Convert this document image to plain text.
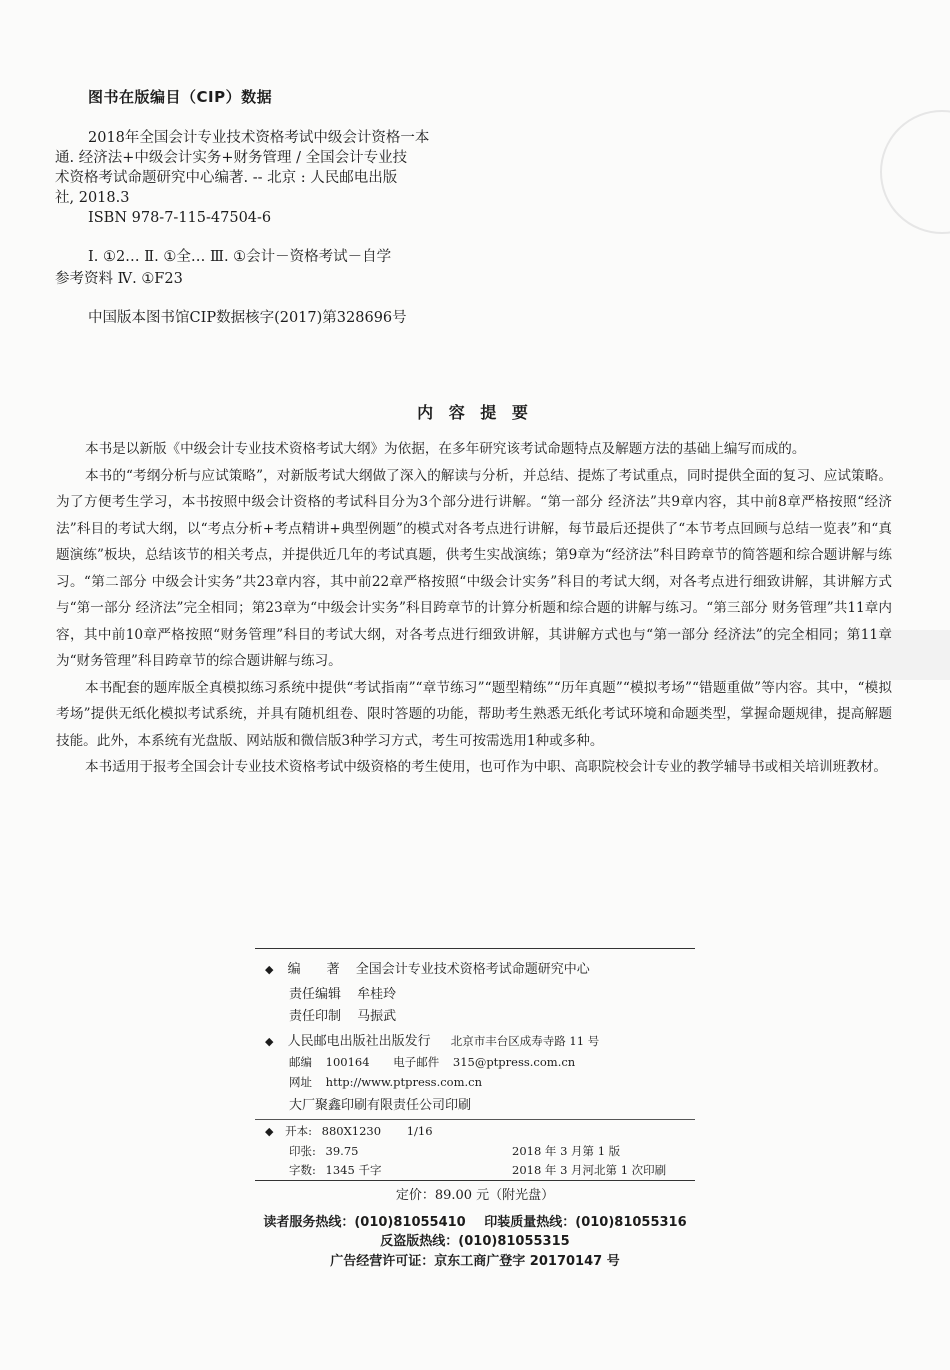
图书在版编目（CIP）数据
2018年全国会计专业技术资格考试中级会计资格一本
通. 经济法+中级会计实务+财务管理 / 全国会计专业技
术资格考试命题研究中心编著. -- 北京 : 人民邮电出版
社, 2018.3
ISBN 978-7-115-47504-6
Ⅰ. ①2… Ⅱ. ①全… Ⅲ. ①会计－资格考试－自学
参考资料 Ⅳ. ①F23
中国版本图书馆CIP数据核字(2017)第328696号
内 容 提 要

本书是以新版《中级会计专业技术资格考试大纲》为依据，在多年研究该考试命题特点及解题方法的基础上编写而成的。

本书的“考纲分析与应试策略”，对新版考试大纲做了深入的解读与分析，并总结、提炼了考试重点，同时提供全面的复习、应试策略。为了方便考生学习，本书按照中级会计资格的考试科目分为3个部分进行讲解。“第一部分 经济法”共9章内容，其中前8章严格按照“经济法”科目的考试大纲，以“考点分析+考点精讲+典型例题”的模式对各考点进行讲解，每节最后还提供了“本节考点回顾与总结一览表”和“真题演练”板块，总结该节的相关考点，并提供近几年的考试真题，供考生实战演练；第9章为“经济法”科目跨章节的简答题和综合题讲解与练习。“第二部分 中级会计实务”共23章内容，其中前22章严格按照“中级会计实务”科目的考试大纲，对各考点进行细致讲解，其讲解方式与“第一部分 经济法”完全相同；第23章为“中级会计实务”科目跨章节的计算分析题和综合题的讲解与练习。“第三部分 财务管理”共11章内容，其中前10章严格按照“财务管理”科目的考试大纲，对各考点进行细致讲解，其讲解方式也与“第一部分 经济法”的完全相同；第11章为“财务管理”科目跨章节的综合题讲解与练习。

本书配套的题库版全真模拟练习系统中提供“考试指南”“章节练习”“题型精练”“历年真题”“模拟考场”“错题重做”等内容。其中，“模拟考场”提供无纸化模拟考试系统，并具有随机组卷、限时答题的功能，帮助考生熟悉无纸化考试环境和命题类型，掌握命题规律，提高解题技能。此外，本系统有光盘版、网站版和微信版3种学习方式，考生可按需选用1种或多种。

本书适用于报考全国会计专业技术资格考试中级资格的考生使用，也可作为中职、高职院校会计专业的教学辅导书或相关培训班教材。

◆ 编　　著 全国会计专业技术资格考试命题研究中心
责任编辑 牟桂玲
责任印制 马振武
◆ 人民邮电出版社出版发行 北京市丰台区成寿寺路 11 号
邮编 100164 电子邮件 315@ptpress.com.cn
网址 http://www.ptpress.com.cn
大厂聚鑫印刷有限责任公司印刷
◆ 开本: 880X1230 1/16
印张: 39.75	2018 年 3 月第 1 版
字数: 1345 千字	2018 年 3 月河北第 1 次印刷
定价：89.00 元（附光盘）
读者服务热线：(010)81055410 印装质量热线：(010)81055316
反盗版热线：(010)81055315
广告经营许可证：京东工商广登字 20170147 号
